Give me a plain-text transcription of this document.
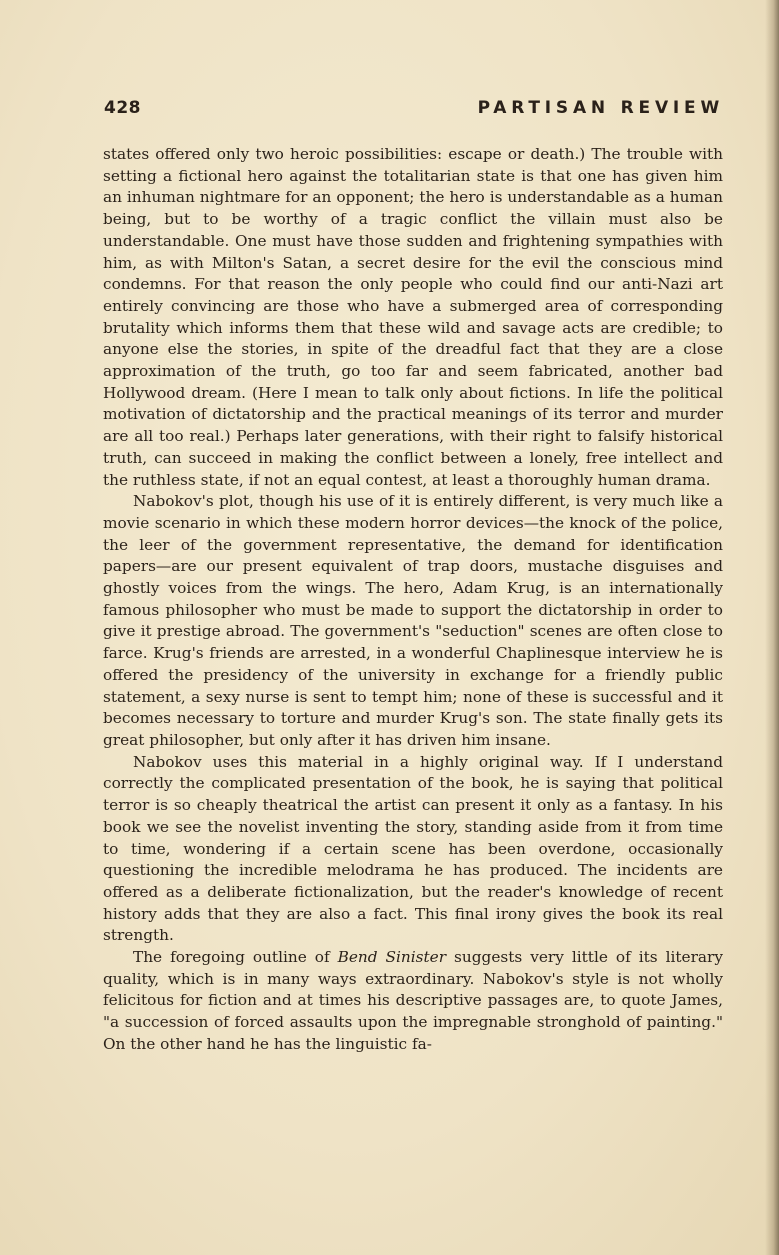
428	PARTISAN REVIEW

states offered only two heroic possibilities: escape or death.) The trouble with setting a fictional hero against the totalitarian state is that one has given him an inhuman nightmare for an opponent; the hero is understandable as a human being, but to be worthy of a tragic conflict the villain must also be understandable. One must have those sudden and frightening sympathies with him, as with Milton's Satan, a secret desire for the evil the conscious mind condemns. For that reason the only people who could find our anti-Nazi art entirely convincing are those who have a submerged area of corresponding brutality which informs them that these wild and savage acts are credible; to anyone else the stories, in spite of the dreadful fact that they are a close approximation of the truth, go too far and seem fabricated, another bad Hollywood dream. (Here I mean to talk only about fictions. In life the political motivation of dictatorship and the practical meanings of its terror and murder are all too real.) Perhaps later generations, with their right to falsify historical truth, can succeed in making the conflict between a lonely, free intellect and the ruthless state, if not an equal contest, at least a thoroughly human drama.

Nabokov's plot, though his use of it is entirely different, is very much like a movie scenario in which these modern horror devices—the knock of the police, the leer of the government representative, the demand for identification papers—are our present equivalent of trap doors, mustache disguises and ghostly voices from the wings. The hero, Adam Krug, is an internationally famous philosopher who must be made to support the dictatorship in order to give it prestige abroad. The government's "seduction" scenes are often close to farce. Krug's friends are arrested, in a wonderful Chaplinesque interview he is offered the presidency of the university in exchange for a friendly public statement, a sexy nurse is sent to tempt him; none of these is successful and it becomes necessary to torture and murder Krug's son. The state finally gets its great philosopher, but only after it has driven him insane.

Nabokov uses this material in a highly original way. If I understand correctly the complicated presentation of the book, he is saying that political terror is so cheaply theatrical the artist can present it only as a fantasy. In his book we see the novelist inventing the story, standing aside from it from time to time, wondering if a certain scene has been overdone, occasionally questioning the incredible melodrama he has produced. The incidents are offered as a deliberate fictionalization, but the reader's knowledge of recent history adds that they are also a fact. This final irony gives the book its real strength.

The foregoing outline of Bend Sinister suggests very little of its literary quality, which is in many ways extraordinary. Nabokov's style is not wholly felicitous for fiction and at times his descriptive passages are, to quote James, "a succession of forced assaults upon the impregnable stronghold of painting." On the other hand he has the linguistic fa-
